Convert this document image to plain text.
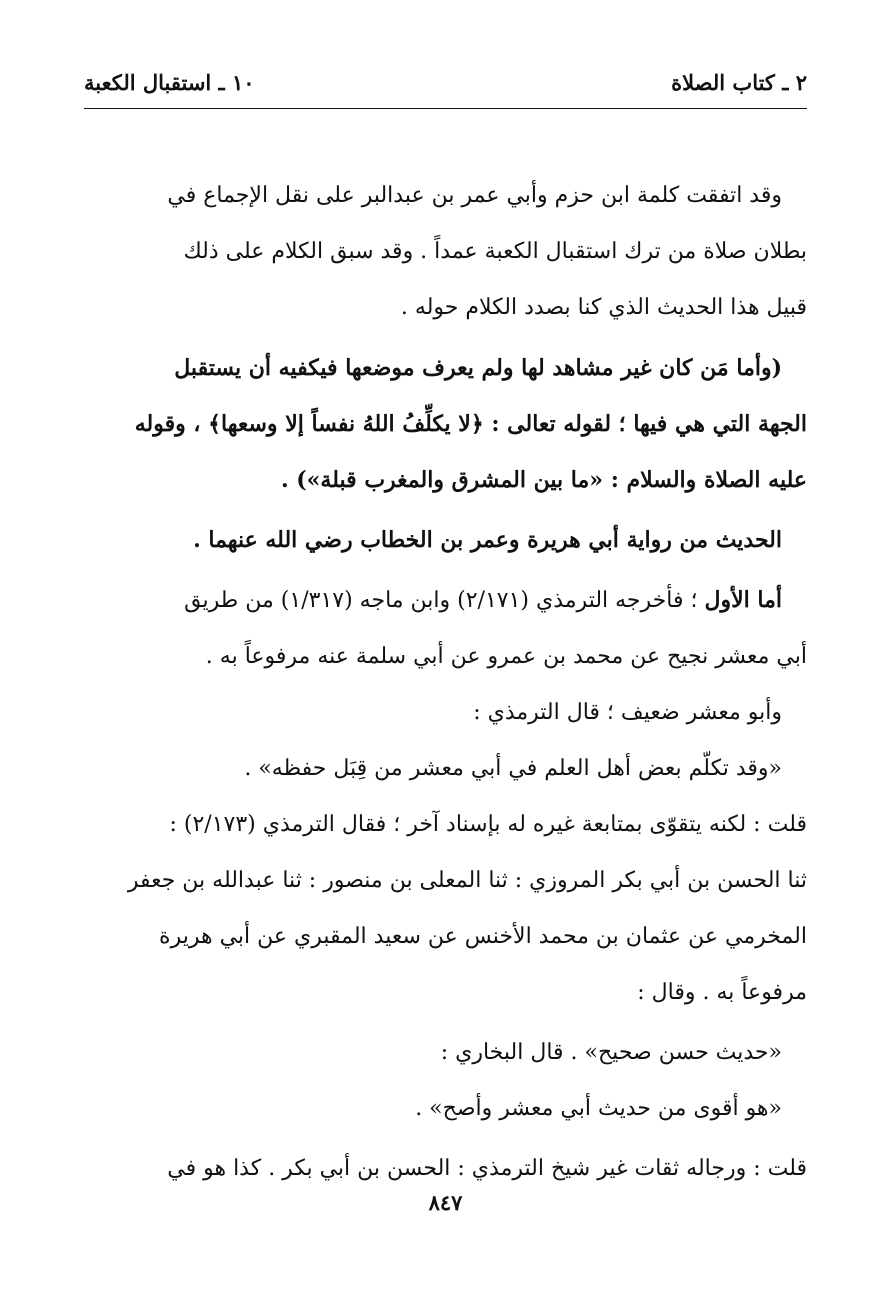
٢ ـ كتاب الصلاة
١٠ ـ استقبال الكعبة

وقد اتفقت كلمة ابن حزم وأبي عمر بن عبدالبر على نقل الإجماع في

بطلان صلاة من ترك استقبال الكعبة عمداً . وقد سبق الكلام على ذلك

قبيل هذا الحديث الذي كنا بصدد الكلام حوله .

(وأما مَن كان غير مشاهد لها ولم يعرف موضعها فيكفيه أن يستقبل

الجهة التي هي فيها ؛ لقوله تعالى : ﴿لا يكلِّفُ اللهُ نفساً إلا وسعها﴾ ، وقوله

عليه الصلاة والسلام : «ما بين المشرق والمغرب قبلة») .

الحديث من رواية أبي هريرة وعمر بن الخطاب رضي الله عنهما .

أما الأول ؛ فأخرجه الترمذي (٢/١٧١) وابن ماجه (١/٣١٧) من طريق

أبي معشر نجيح عن محمد بن عمرو عن أبي سلمة عنه مرفوعاً به .

وأبو معشر ضعيف ؛ قال الترمذي :

«وقد تكلّم بعض أهل العلم في أبي معشر من قِبَل حفظه» .

قلت : لكنه يتقوّى بمتابعة غيره له بإسناد آخر ؛ فقال الترمذي (٢/١٧٣) :

ثنا الحسن بن أبي بكر المروزي : ثنا المعلى بن منصور : ثنا عبدالله بن جعفر

المخرمي عن عثمان بن محمد الأخنس عن سعيد المقبري عن أبي هريرة

مرفوعاً به . وقال :

«حديث حسن صحيح» . قال البخاري :

«هو أقوى من حديث أبي معشر وأصح» .

قلت : ورجاله ثقات غير شيخ الترمذي : الحسن بن أبي بكر . كذا هو في

٨٤٧
